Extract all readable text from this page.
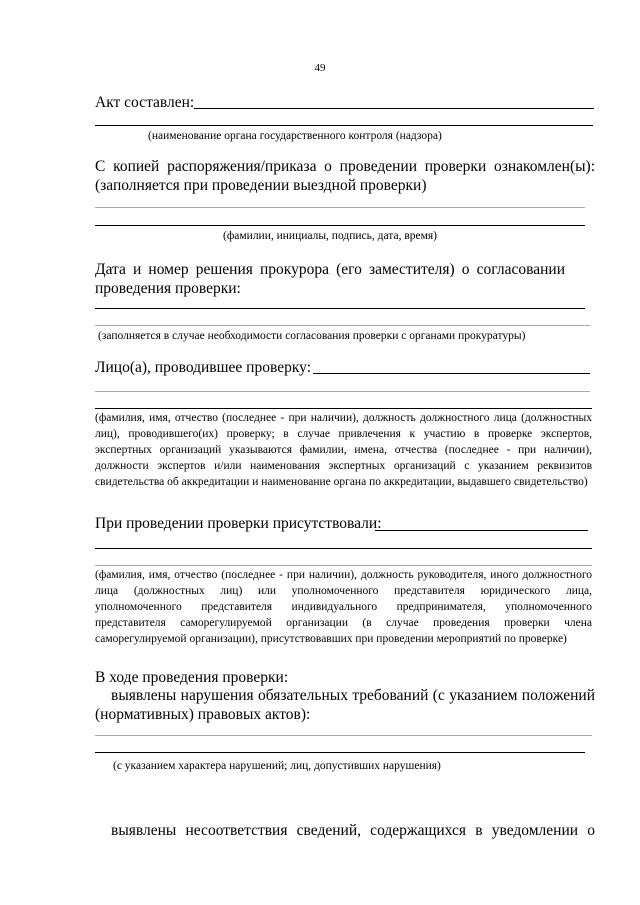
49
Акт составлен:
(наименование органа государственного контроля (надзора)
С копией распоряжения/приказа о проведении проверки ознакомлен(ы):
(заполняется при проведении выездной проверки)
(фамилии, инициалы, подпись, дата, время)
Дата и номер решения прокурора (его заместителя) о согласовании
проведения проверки:
(заполняется в случае необходимости согласования проверки с органами прокуратуры)
Лицо(а), проводившее проверку:
(фамилия, имя, отчество (последнее - при наличии), должность должностного лица (должностных лиц), проводившего(их) проверку; в случае привлечения к участию в проверке экспертов, экспертных организаций указываются фамилии, имена, отчества (последнее - при наличии), должности экспертов и/или наименования экспертных организаций с указанием реквизитов свидетельства об аккредитации и наименование органа по аккредитации, выдавшего свидетельство)
При проведении проверки присутствовали:
(фамилия, имя, отчество (последнее - при наличии), должность руководителя, иного должностного лица (должностных лиц) или уполномоченного представителя юридического лица, уполномоченного представителя индивидуального предпринимателя, уполномоченного представителя саморегулируемой организации (в случае проведения проверки члена саморегулируемой организации), присутствовавших при проведении мероприятий по проверке)
В ходе проведения проверки:
выявлены нарушения обязательных требований (с указанием положений (нормативных) правовых актов):
(с указанием характера нарушений; лиц, допустивших нарушения)
выявлены несоответствия сведений, содержащихся в уведомлении о
